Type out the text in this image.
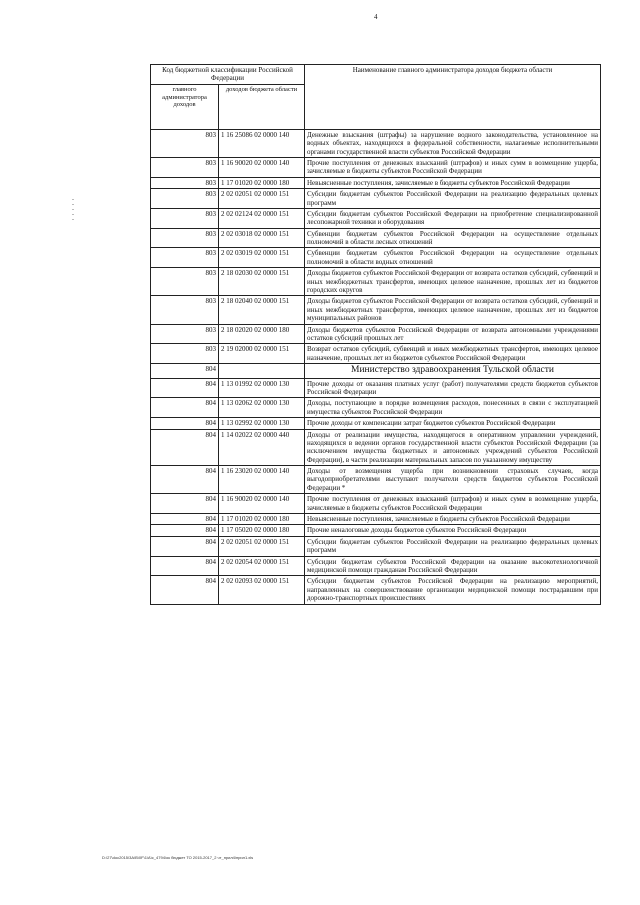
4
Код бюджетной классификации Российской Федерации		Наименование главного администратора доходов бюджета области
главного администратора доходов	доходов бюджета области	
803	1 16 25086 02 0000 140	Денежные взыскания (штрафы) за нарушение водного законодательства, установленное на водных объектах, находящихся в федеральной собственности, налагаемые исполнительными органами государственной власти субъектов Российской Федерации
803	1 16 90020 02 0000 140	Прочие поступления от денежных взысканий (штрафов) и иных сумм в возмещение ущерба, зачисляемые в бюджеты субъектов Российской Федерации
803	1 17 01020 02 0000 180	Невыясненные поступления, зачисляемые в бюджеты субъектов Российской Федерации
803	2 02 02051 02 0000 151	Субсидии бюджетам субъектов Российской Федерации на реализацию федеральных целевых программ
803	2 02 02124 02 0000 151	Субсидии бюджетам субъектов Российской Федерации на приобретение специализированной лесопожарной техники и оборудования
803	2 02 03018 02 0000 151	Субвенции бюджетам субъектов Российской Федерации на осуществление отдельных полномочий в области лесных отношений
803	2 02 03019 02 0000 151	Субвенции бюджетам субъектов Российской Федерации на осуществление отдельных полномочий в области водных отношений
803	2 18 02030 02 0000 151	Доходы бюджетов субъектов Российской Федерации от возврата остатков субсидий, субвенций и иных межбюджетных трансфертов, имеющих целевое назначение, прошлых лет из бюджетов городских округов
803	2 18 02040 02 0000 151	Доходы бюджетов субъектов Российской Федерации от возврата остатков субсидий, субвенций и иных межбюджетных трансфертов, имеющих целевое назначение, прошлых лет из бюджетов муниципальных районов
803	2 18 02020 02 0000 180	Доходы бюджетов субъектов Российской Федерации от возврата автономными учреждениями остатков субсидий прошлых лет
803	2 19 02000 02 0000 151	Возврат остатков субсидий, субвенций и иных межбюджетных трансфертов, имеющих целевое назначение, прошлых лет из бюджетов субъектов Российской Федерации
804		Министерство здравоохранения Тульской области
804	1 13 01992 02 0000 130	Прочие доходы от оказания платных услуг (работ) получателями средств бюджетов субъектов Российской Федерации
804	1 13 02062 02 0000 130	Доходы, поступающие в порядке возмещения расходов, понесенных в связи с эксплуатацией имущества субъектов Российской Федерации
804	1 13 02992 02 0000 130	Прочие доходы от компенсации затрат бюджетов субъектов Российской Федерации
804	1 14 02022 02 0000 440	Доходы от реализации имущества, находящегося в оперативном управлении учреждений, находящихся в ведении органов государственной власти субъектов Российской Федерации (за исключением имущества бюджетных и автономных учреждений субъектов Российской Федерации), в части реализации материальных запасов по указанному имуществу
804	1 16 23020 02 0000 140	Доходы от возмещения ущерба при возникновении страховых случаев, когда выгодоприобретателями выступают получатели средств бюджетов субъектов Российской Федерации *
804	1 16 90020 02 0000 140	Прочие поступления от денежных взысканий (штрафов) и иных сумм в возмещение ущерба, зачисляемые в бюджеты субъектов Российской Федерации
804	1 17 01020 02 0000 180	Невыясненные поступления, зачисляемые в бюджеты субъектов Российской Федерации
804	1 17 05020 02 0000 180	Прочие неналоговые доходы бюджетов субъектов Российской Федерации
804	2 02 02051 02 0000 151	Субсидии бюджетам субъектов Российской Федерации на реализацию федеральных целевых программ
804	2 02 02054 02 0000 151	Субсидии бюджетам субъектов Российской Федерации на оказание высокотехнологичной медицинской помощи гражданам Российской Федерации
804	2 02 02093 02 0000 151	Субсидии бюджетам субъектов Российской Федерации на реализацию мероприятий, направленных на совершенствование организации медицинской помощи пострадавшим при дорожно-транспортных происшествиях
D:\27\doc2015\3A\B\0F\1\A\c_4794\ок бюджет ТО 2015-2017_2 чт_прил4\прил1.xls
